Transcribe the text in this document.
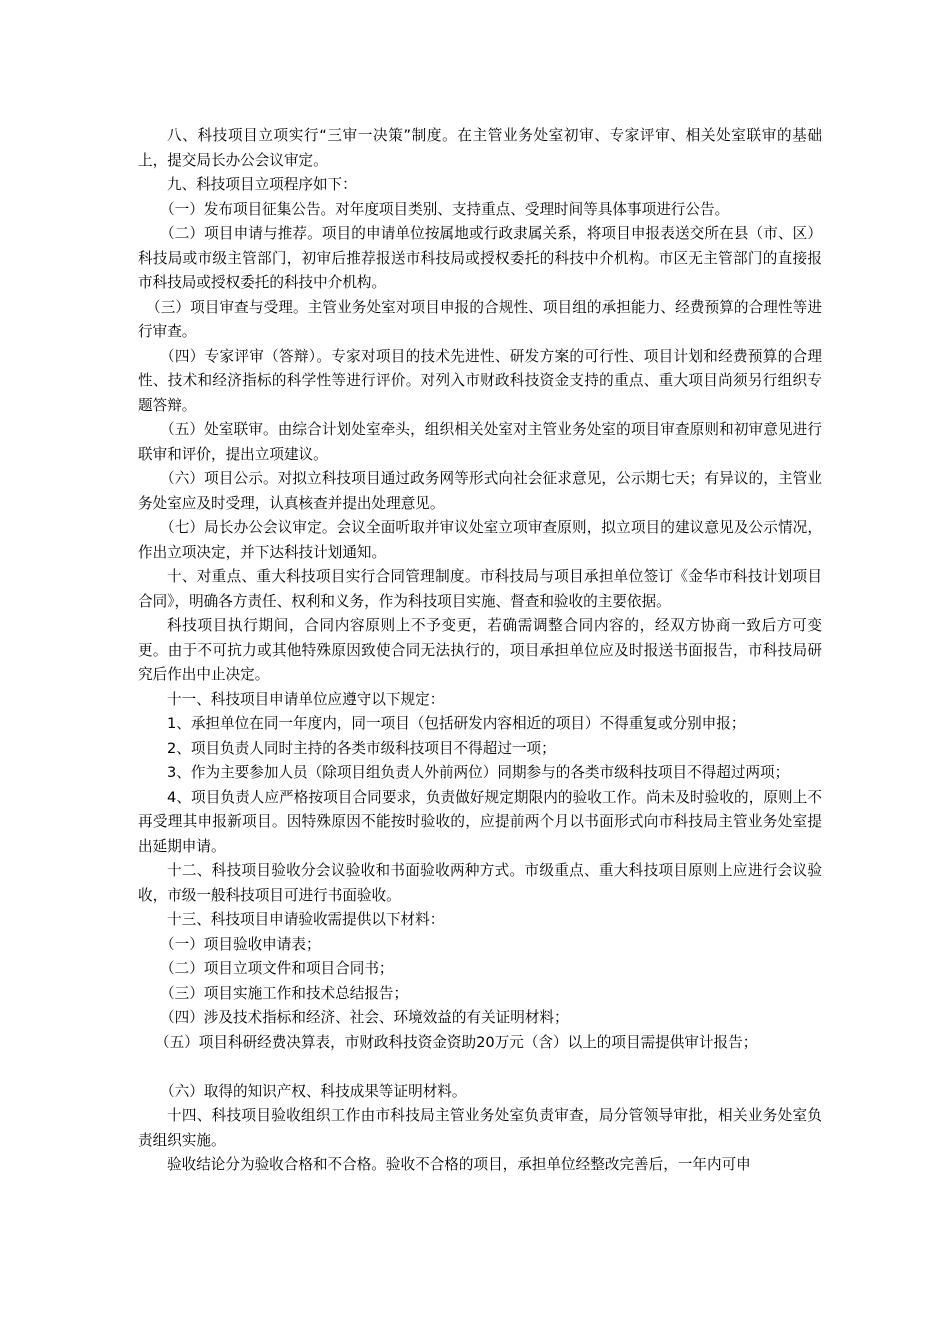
八、科技项目立项实行“三审一决策”制度。在主管业务处室初审、专家评审、相关处室联审的基础上，提交局长办公会议审定。

九、科技项目立项程序如下：

（一）发布项目征集公告。对年度项目类别、支持重点、受理时间等具体事项进行公告。

（二）项目申请与推荐。项目的申请单位按属地或行政隶属关系，将项目申报表送交所在县（市、区）科技局或市级主管部门，初审后推荐报送市科技局或授权委托的科技中介机构。市区无主管部门的直接报市科技局或授权委托的科技中介机构。

（三）项目审查与受理。主管业务处室对项目申报的合规性、项目组的承担能力、经费预算的合理性等进行审查。

（四）专家评审（答辩）。专家对项目的技术先进性、研发方案的可行性、项目计划和经费预算的合理性、技术和经济指标的科学性等进行评价。对列入市财政科技资金支持的重点、重大项目尚须另行组织专题答辩。

（五）处室联审。由综合计划处室牵头，组织相关处室对主管业务处室的项目审查原则和初审意见进行联审和评价，提出立项建议。

（六）项目公示。对拟立科技项目通过政务网等形式向社会征求意见，公示期七天；有异议的，主管业务处室应及时受理，认真核查并提出处理意见。

（七）局长办公会议审定。会议全面听取并审议处室立项审查原则，拟立项目的建议意见及公示情况，作出立项决定，并下达科技计划通知。

十、对重点、重大科技项目实行合同管理制度。市科技局与项目承担单位签订《金华市科技计划项目合同》，明确各方责任、权利和义务，作为科技项目实施、督查和验收的主要依据。

科技项目执行期间，合同内容原则上不予变更，若确需调整合同内容的，经双方协商一致后方可变更。由于不可抗力或其他特殊原因致使合同无法执行的，项目承担单位应及时报送书面报告，市科技局研究后作出中止决定。

十一、科技项目申请单位应遵守以下规定：

1、承担单位在同一年度内，同一项目（包括研发内容相近的项目）不得重复或分别申报；

2、项目负责人同时主持的各类市级科技项目不得超过一项；

3、作为主要参加人员（除项目组负责人外前两位）同期参与的各类市级科技项目不得超过两项；

4、项目负责人应严格按项目合同要求，负责做好规定期限内的验收工作。尚未及时验收的，原则上不再受理其申报新项目。因特殊原因不能按时验收的，应提前两个月以书面形式向市科技局主管业务处室提出延期申请。

十二、科技项目验收分会议验收和书面验收两种方式。市级重点、重大科技项目原则上应进行会议验收，市级一般科技项目可进行书面验收。

十三、科技项目申请验收需提供以下材料：

（一）项目验收申请表；

（二）项目立项文件和项目合同书；

（三）项目实施工作和技术总结报告；

（四）涉及技术指标和经济、社会、环境效益的有关证明材料；

（五）项目科研经费决算表，市财政科技资金资助20万元（含）以上的项目需提供审计报告；

（六）取得的知识产权、科技成果等证明材料。

十四、科技项目验收组织工作由市科技局主管业务处室负责审查，局分管领导审批，相关业务处室负责组织实施。

验收结论分为验收合格和不合格。验收不合格的项目，承担单位经整改完善后，一年内可申
